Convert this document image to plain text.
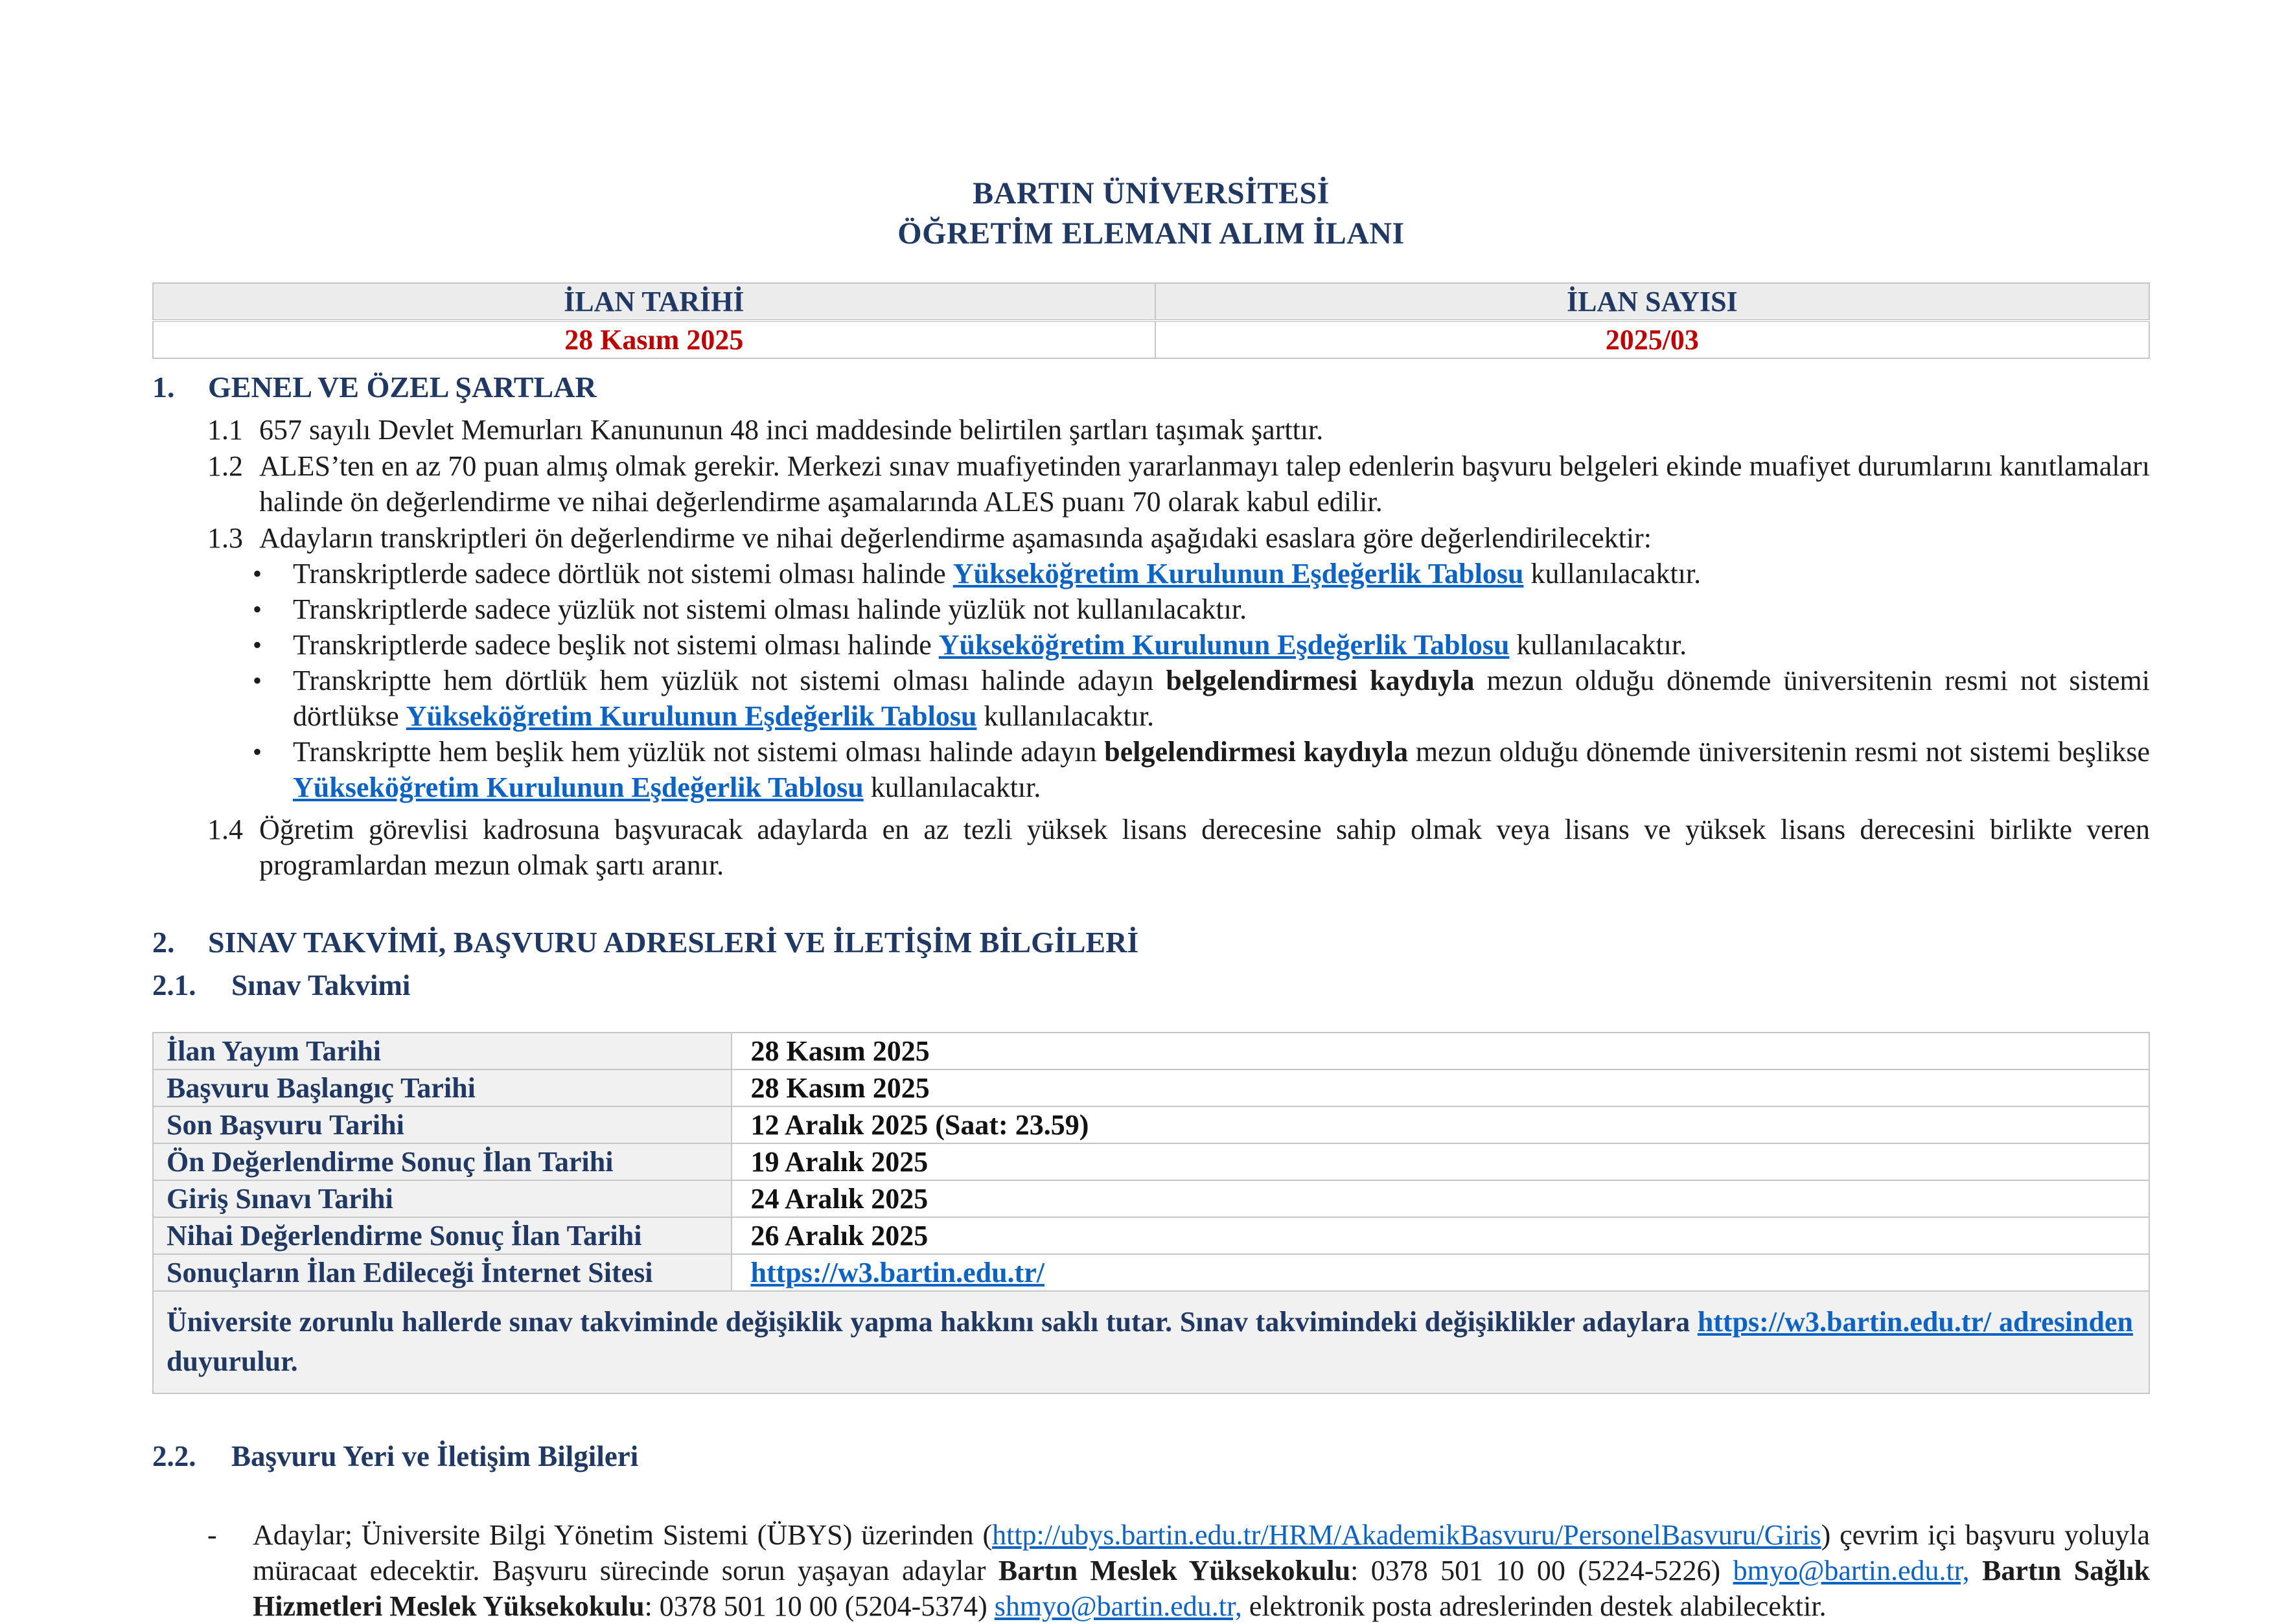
BARTIN ÜNİVERSİTESİ
ÖĞRETİM ELEMANI ALIM İLANI
İLAN TARİHİ	İLAN SAYISI
28 Kasım 2025	2025/03
1.	GENEL VE ÖZEL ŞARTLAR
1.1 657 sayılı Devlet Memurları Kanununun 48 inci maddesinde belirtilen şartları taşımak şarttır.
1.2 ALES’ten en az 70 puan almış olmak gerekir. Merkezi sınav muafiyetinden yararlanmayı talep edenlerin başvuru belgeleri ekinde muafiyet durumlarını kanıtlamaları halinde ön değerlendirme ve nihai değerlendirme aşamalarında ALES puanı 70 olarak kabul edilir.
1.3 Adayların transkriptleri ön değerlendirme ve nihai değerlendirme aşamasında aşağıdaki esaslara göre değerlendirilecektir:
•	Transkriptlerde sadece dörtlük not sistemi olması halinde Yükseköğretim Kurulunun Eşdeğerlik Tablosu kullanılacaktır.
•	Transkriptlerde sadece yüzlük not sistemi olması halinde yüzlük not kullanılacaktır.
•	Transkriptlerde sadece beşlik not sistemi olması halinde Yükseköğretim Kurulunun Eşdeğerlik Tablosu kullanılacaktır.
•	Transkriptte hem dörtlük hem yüzlük not sistemi olması halinde adayın belgelendirmesi kaydıyla mezun olduğu dönemde üniversitenin resmi not sistemi dörtlükse Yükseköğretim Kurulunun Eşdeğerlik Tablosu kullanılacaktır.
•	Transkriptte hem beşlik hem yüzlük not sistemi olması halinde adayın belgelendirmesi kaydıyla mezun olduğu dönemde üniversitenin resmi not sistemi beşlikse Yükseköğretim Kurulunun Eşdeğerlik Tablosu kullanılacaktır.
1.4 Öğretim görevlisi kadrosuna başvuracak adaylarda en az tezli yüksek lisans derecesine sahip olmak veya lisans ve yüksek lisans derecesini birlikte veren programlardan mezun olmak şartı aranır.
2.	SINAV TAKVİMİ, BAŞVURU ADRESLERİ VE İLETİŞİM BİLGİLERİ
2.1.	Sınav Takvimi
İlan Yayım Tarihi	28 Kasım 2025
Başvuru Başlangıç Tarihi	28 Kasım 2025
Son Başvuru Tarihi	12 Aralık 2025 (Saat: 23.59)
Ön Değerlendirme Sonuç İlan Tarihi	19 Aralık 2025
Giriş Sınavı Tarihi	24 Aralık 2025
Nihai Değerlendirme Sonuç İlan Tarihi	26 Aralık 2025
Sonuçların İlan Edileceği İnternet Sitesi	https://w3.bartin.edu.tr/
Üniversite zorunlu hallerde sınav takviminde değişiklik yapma hakkını saklı tutar. Sınav takvimindeki değişiklikler adaylara https://w3.bartin.edu.tr/ adresinden duyurulur.	
2.2.	Başvuru Yeri ve İletişim Bilgileri
-	Adaylar; Üniversite Bilgi Yönetim Sistemi (ÜBYS) üzerinden (http://ubys.bartin.edu.tr/HRM/AkademikBasvuru/PersonelBasvuru/Giris) çevrim içi başvuru yoluyla müracaat edecektir. Başvuru sürecinde sorun yaşayan adaylar Bartın Meslek Yüksekokulu: 0378 501 10 00 (5224-5226) bmyo@bartin.edu.tr, Bartın Sağlık Hizmetleri Meslek Yüksekokulu: 0378 501 10 00 (5204-5374) shmyo@bartin.edu.tr, elektronik posta adreslerinden destek alabilecektir.
